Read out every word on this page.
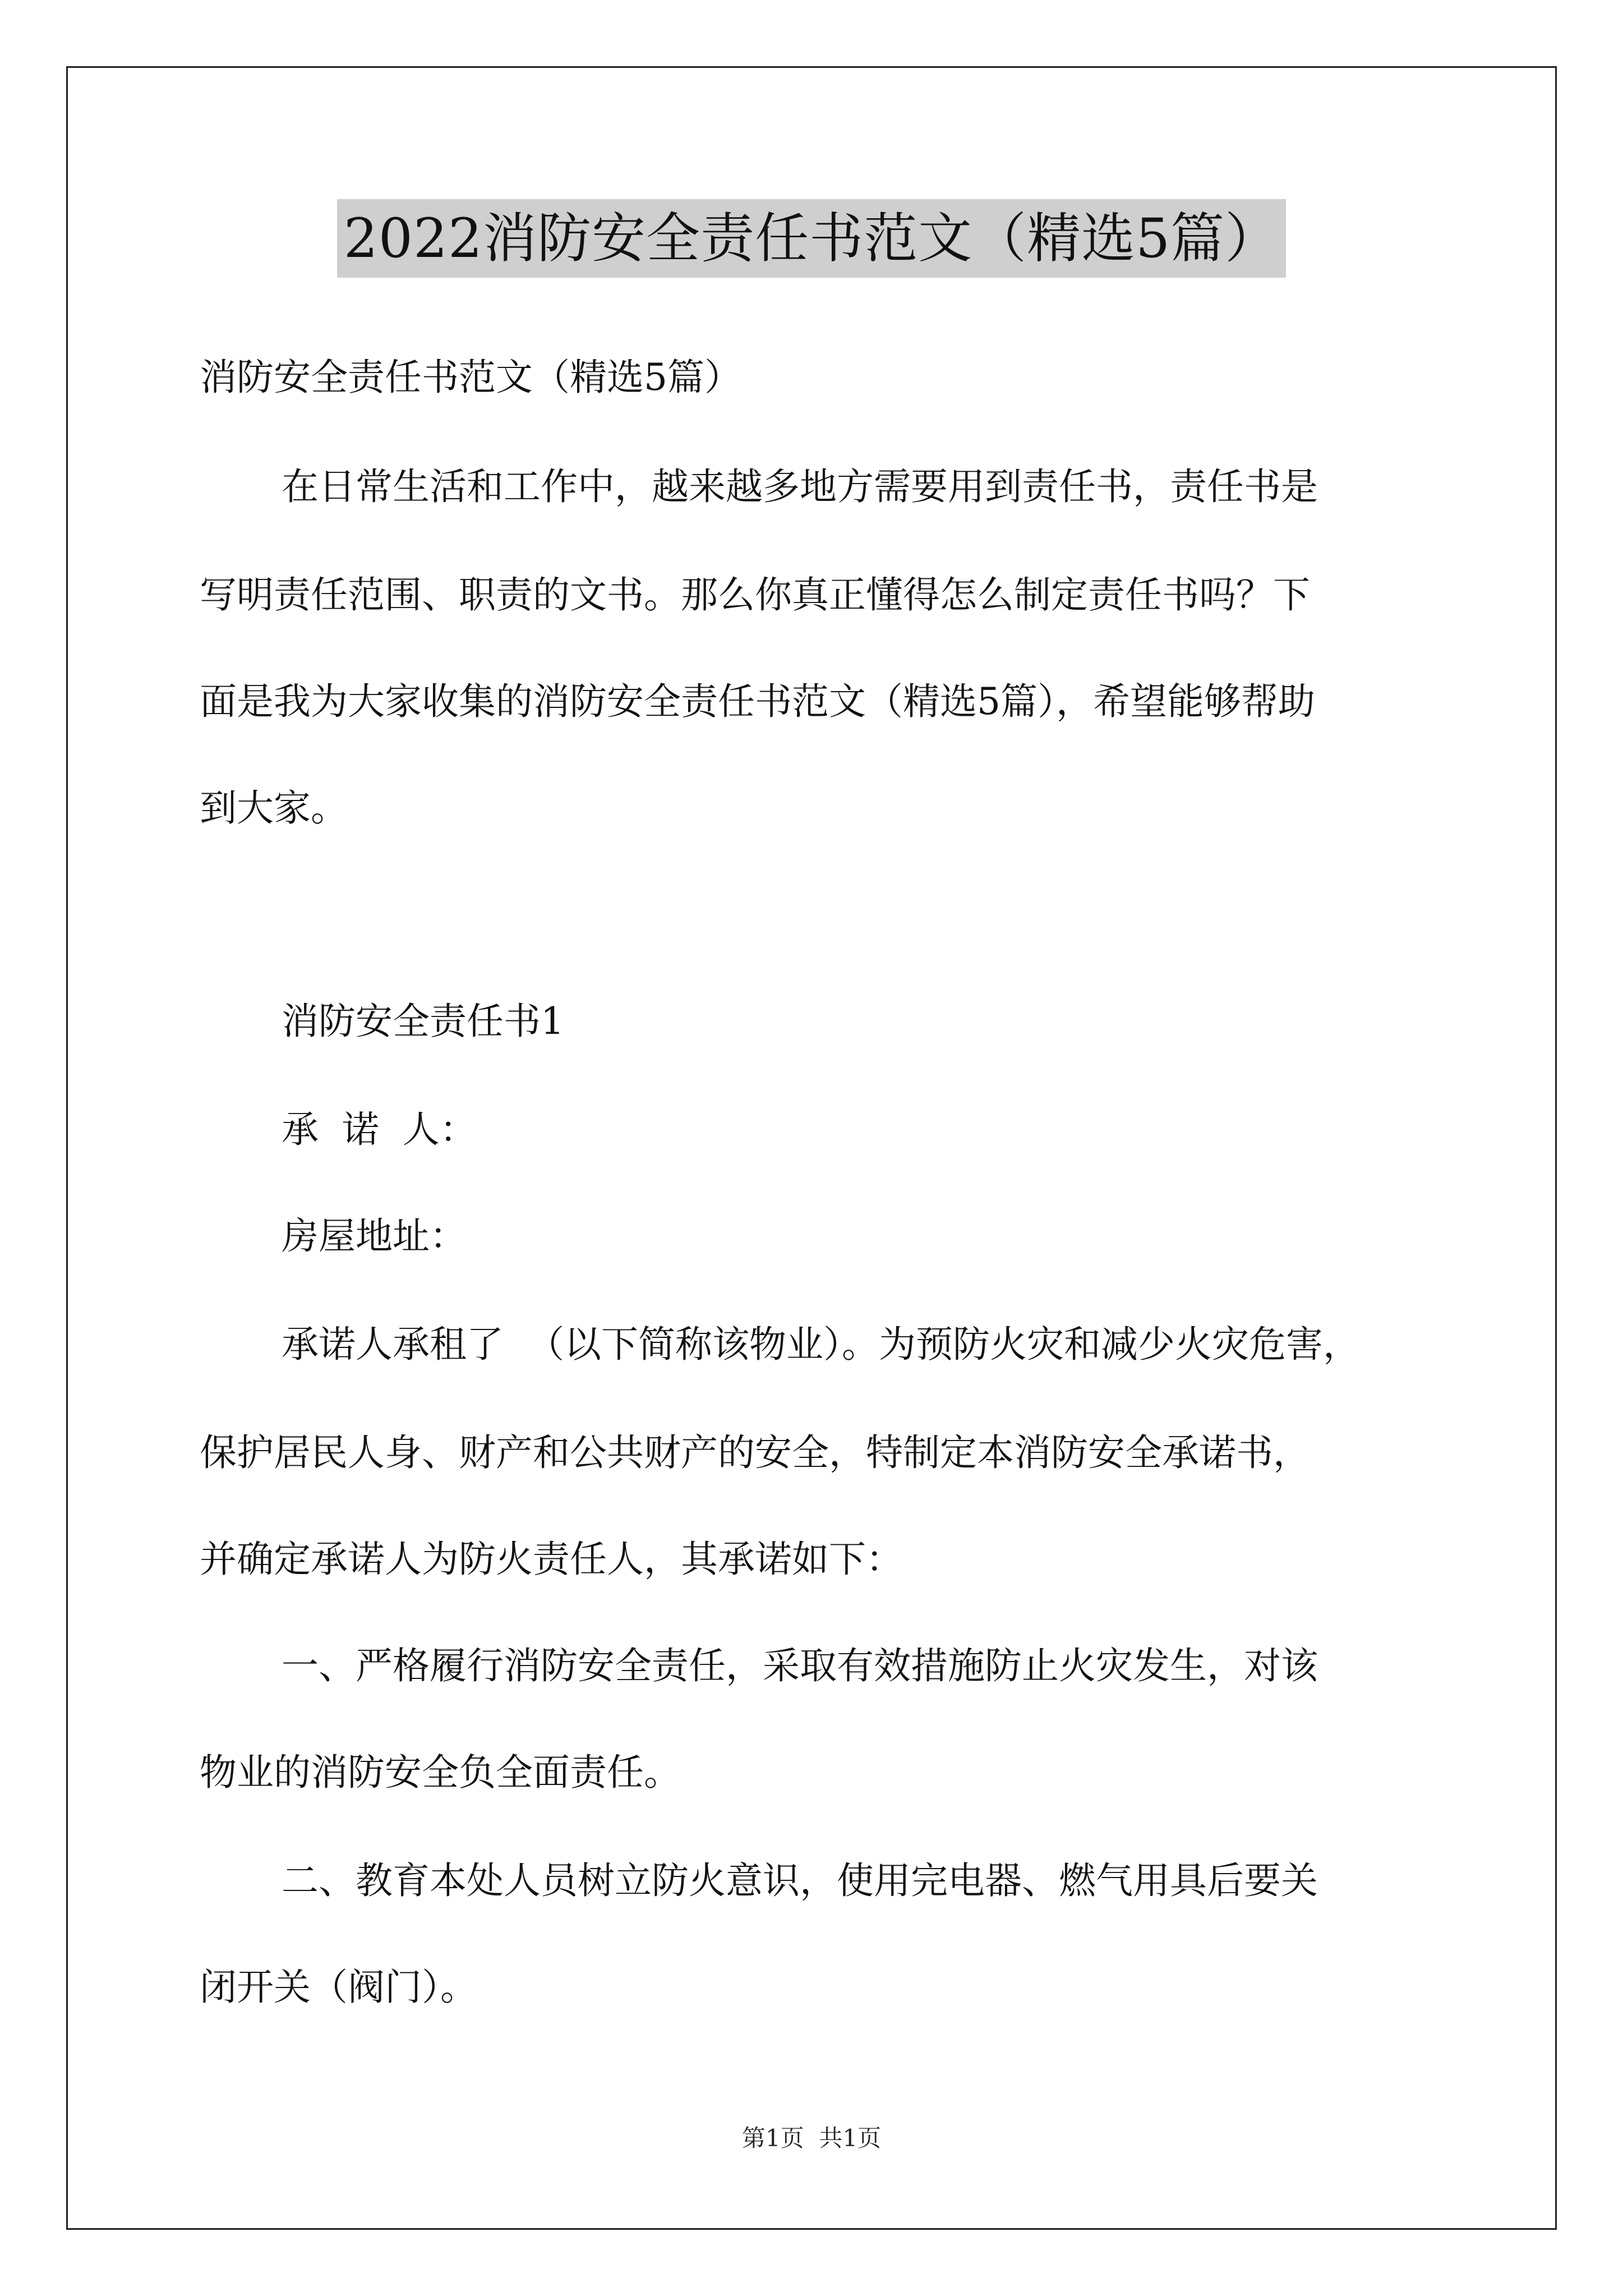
2022消防安全责任书范文（精选5篇）
消防安全责任书范文（精选5篇）
在日常生活和工作中，越来越多地方需要用到责任书，责任书是
写明责任范围、职责的文书。那么你真正懂得怎么制定责任书吗？下
面是我为大家收集的消防安全责任书范文（精选5篇），希望能够帮助
到大家。
消防安全责任书1
承  诺  人：
房屋地址：
承诺人承租了  （以下简称该物业）。为预防火灾和减少火灾危害，
保护居民人身、财产和公共财产的安全，特制定本消防安全承诺书，
并确定承诺人为防火责任人，其承诺如下：
一、严格履行消防安全责任，采取有效措施防止火灾发生，对该
物业的消防安全负全面责任。
二、教育本处人员树立防火意识，使用完电器、燃气用具后要关
闭开关（阀门）。
第1页  共1页
